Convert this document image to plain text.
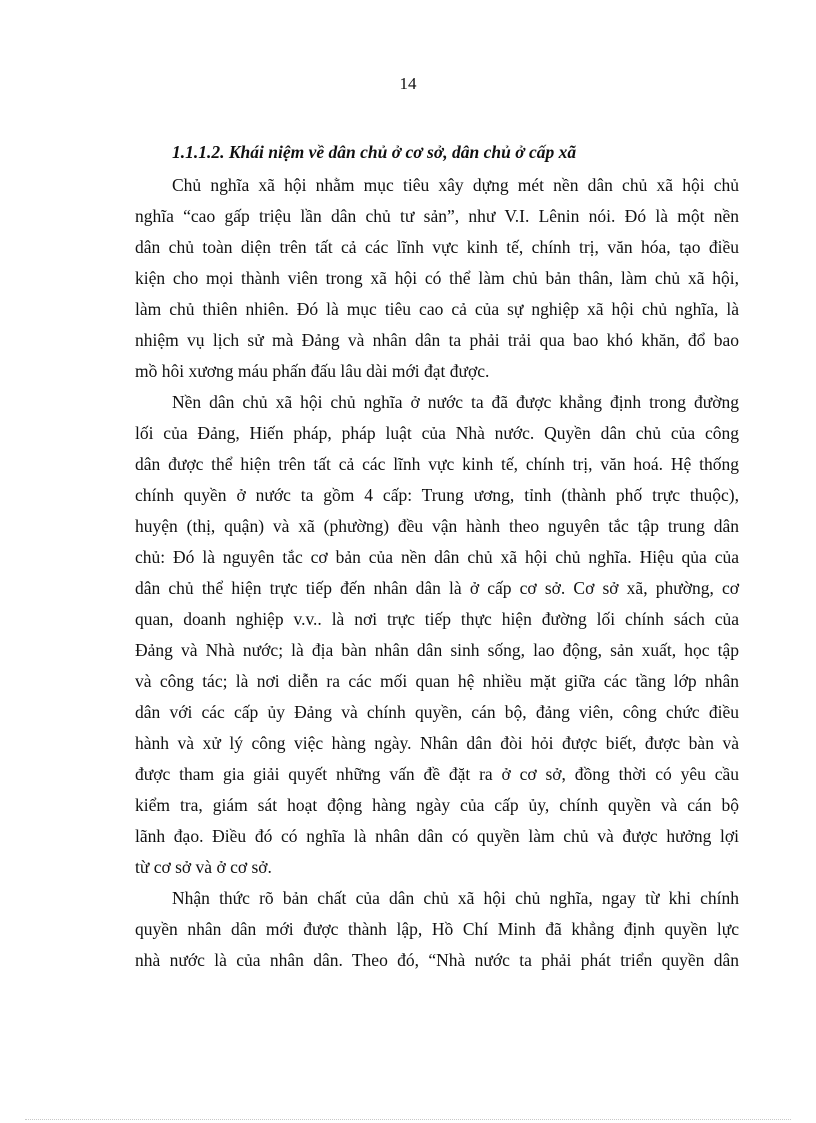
14
1.1.1.2. Khái niệm về dân chủ ở cơ sở, dân chủ ở cấp xã
Chủ nghĩa xã hội nhằm mục tiêu xây dựng mét nền dân chủ xã hội chủ
nghĩa “cao gấp triệu lần dân chủ tư sản”, như V.I. Lênin nói. Đó là một nền
dân chủ toàn diện trên tất cả các lĩnh vực kinh tế, chính trị, văn hóa, tạo điều
kiện cho mọi thành viên trong xã hội có thể làm chủ bản thân, làm chủ xã hội,
làm chủ thiên nhiên. Đó là mục tiêu cao cả của sự nghiệp xã hội chủ nghĩa, là
nhiệm vụ lịch sử mà Đảng và nhân dân ta phải trải qua bao khó khăn, đổ bao
mồ hôi xương máu phấn đấu lâu dài mới đạt được.
Nền dân chủ xã hội chủ nghĩa ở nước ta đã được khẳng định trong đường
lối của Đảng, Hiến pháp, pháp luật của Nhà nước. Quyền dân chủ của công
dân được thể hiện trên tất cả các lĩnh vực kinh tế, chính trị, văn hoá. Hệ thống
chính quyền ở nước ta gồm 4 cấp: Trung ương, tỉnh (thành phố trực thuộc),
huyện (thị, quận) và xã (phường) đều vận hành theo nguyên tắc tập trung dân
chủ: Đó là nguyên tắc cơ bản của nền dân chủ xã hội chủ nghĩa. Hiệu qủa của
dân chủ thể hiện trực tiếp đến nhân dân là ở cấp cơ sở. Cơ sở xã, phường, cơ
quan, doanh nghiệp v.v.. là nơi trực tiếp thực hiện đường lối chính sách của
Đảng và Nhà nước; là địa bàn nhân dân sinh sống, lao động, sản xuất, học tập
và công tác; là nơi diễn ra các mối quan hệ nhiều mặt giữa các tầng lớp nhân
dân với các cấp ủy Đảng và chính quyền, cán bộ, đảng viên, công chức điều
hành và xử lý công việc hàng ngày. Nhân dân đòi hỏi được biết, được bàn và
được tham gia giải quyết những vấn đề đặt ra ở cơ sở, đồng thời có yêu cầu
kiểm tra, giám sát hoạt động hàng ngày của cấp ủy, chính quyền và cán bộ
lãnh đạo. Điều đó có nghĩa là nhân dân có quyền làm chủ và được hưởng lợi
từ cơ sở và ở cơ sở.
Nhận thức rõ bản chất của dân chủ xã hội chủ nghĩa, ngay từ khi chính
quyền nhân dân mới được thành lập, Hồ Chí Minh đã khẳng định quyền lực
nhà nước là của nhân dân. Theo đó, “Nhà nước ta phải phát triển quyền dân
